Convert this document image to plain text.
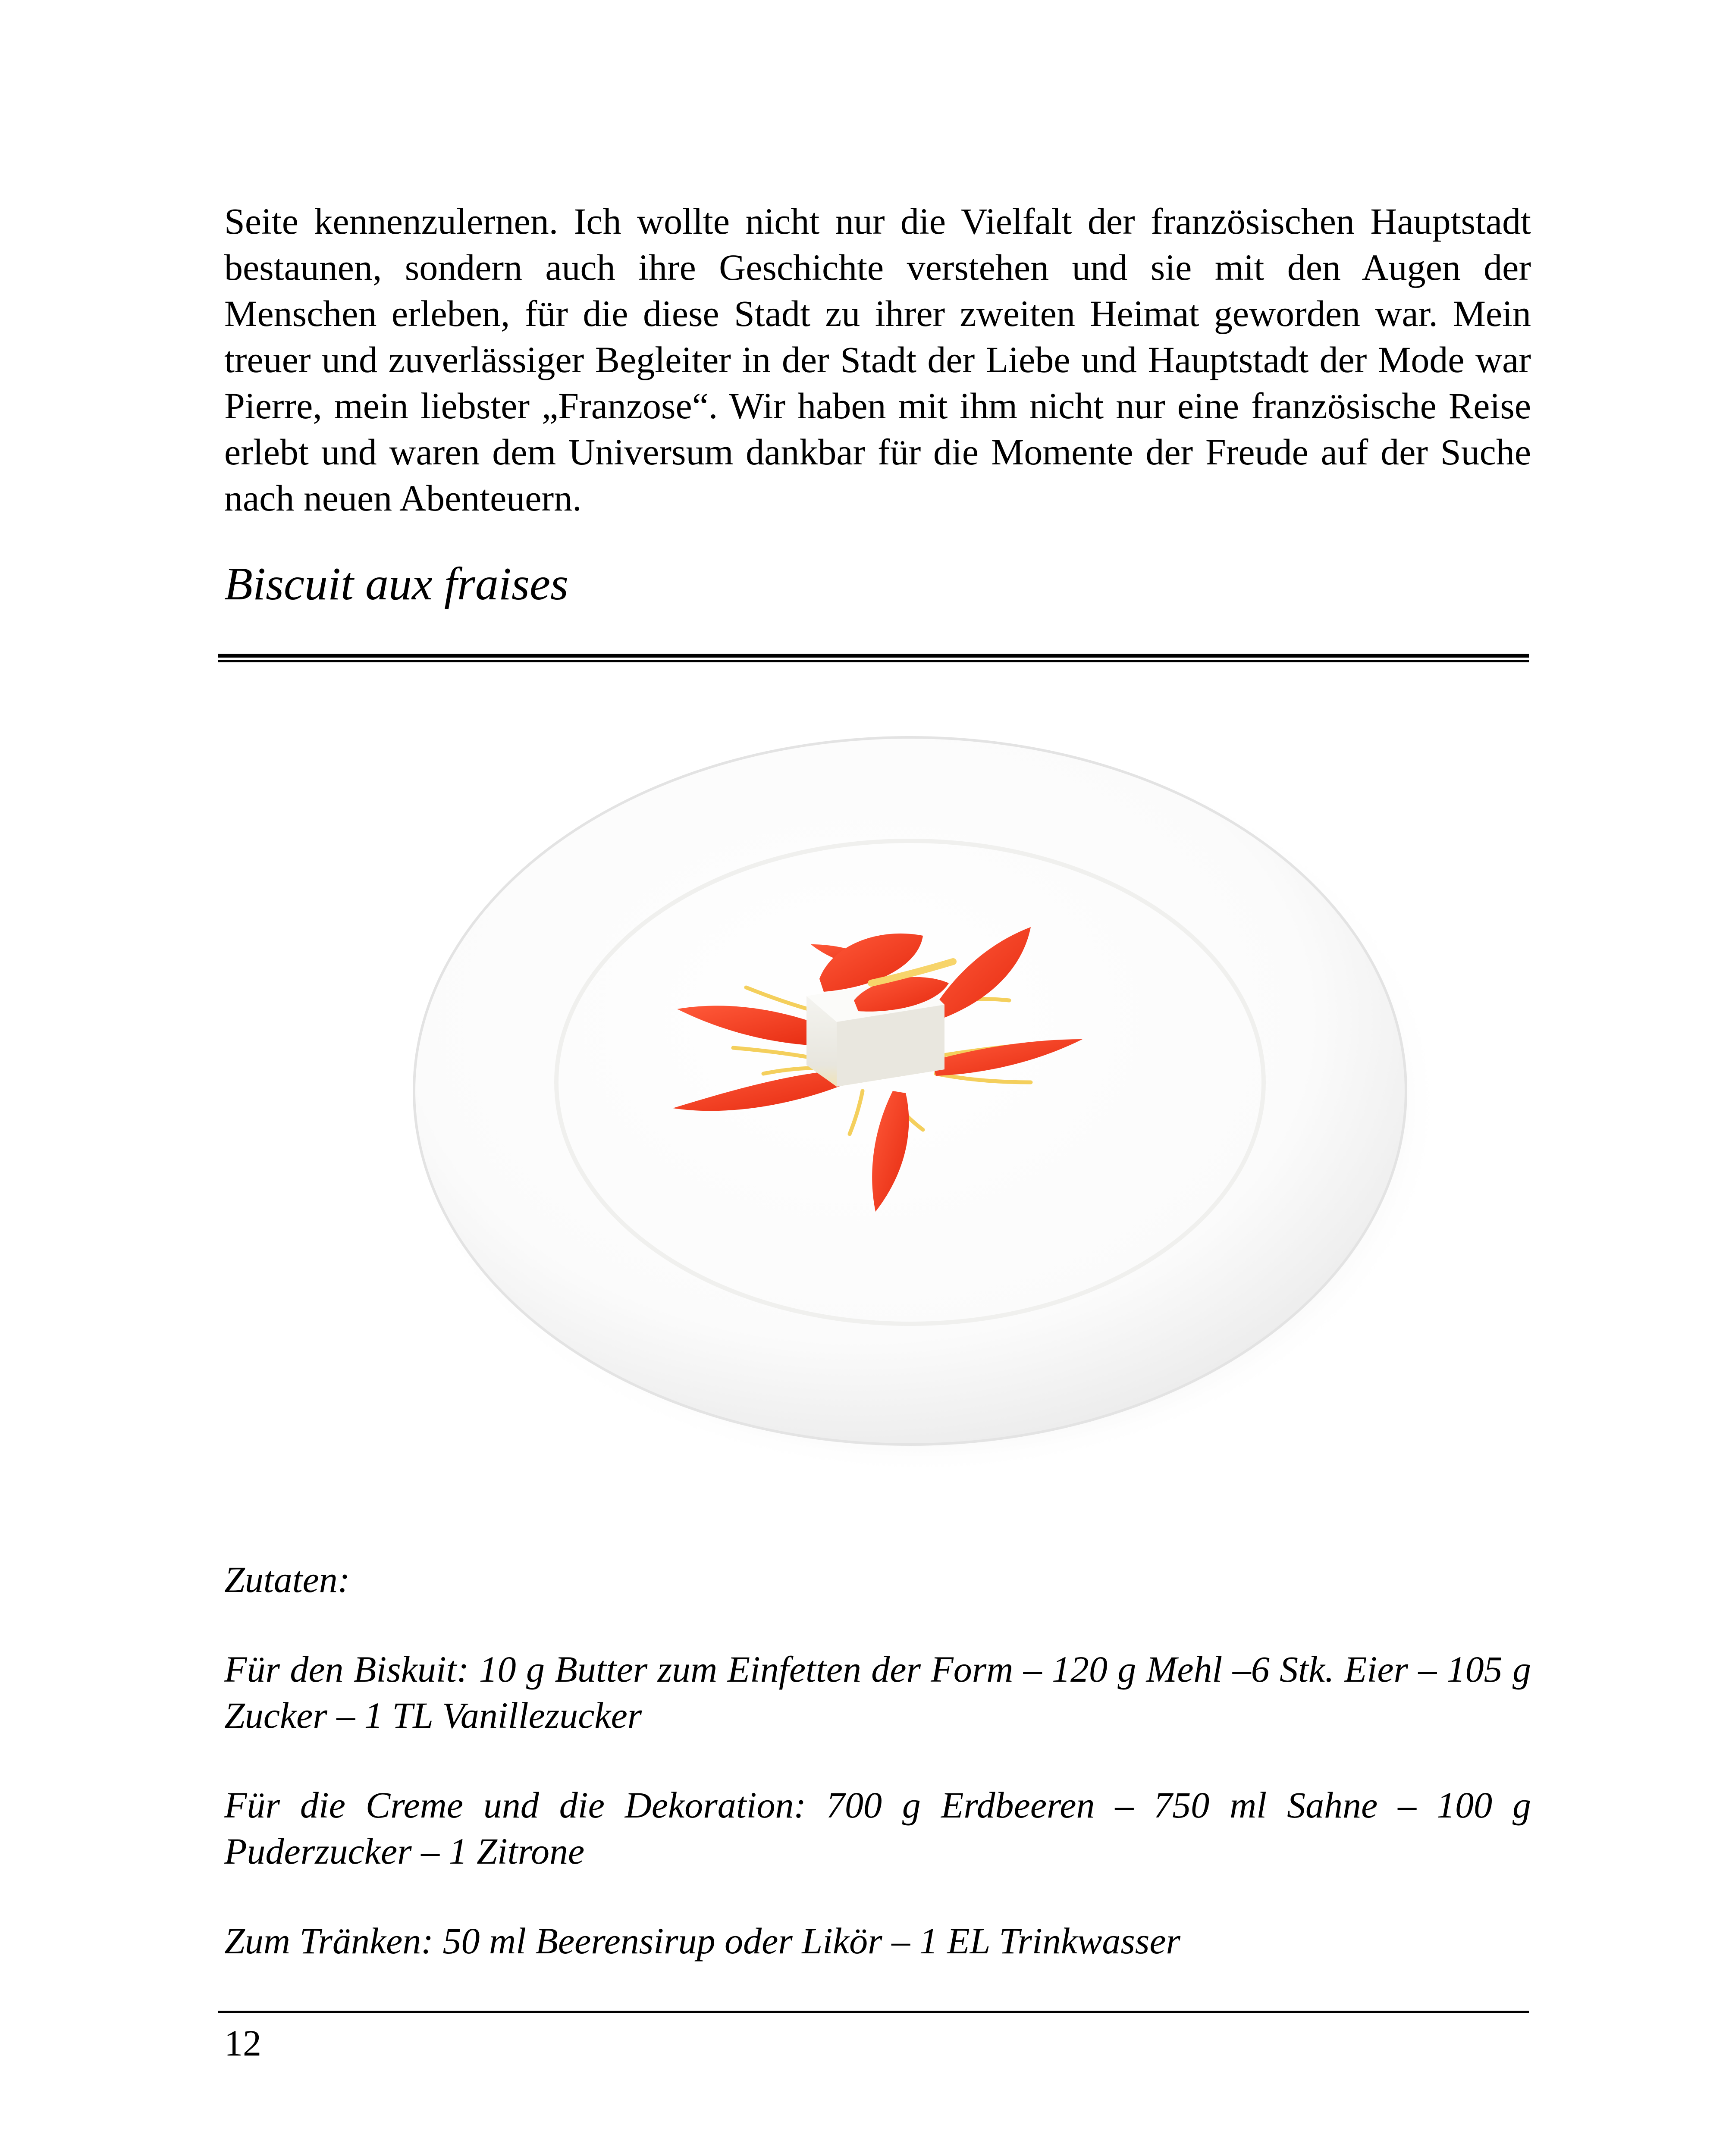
Seite kennenzulernen. Ich wollte nicht nur die Vielfalt der französischen Hauptstadt bestaunen, sondern auch ihre Geschichte verstehen und sie mit den Augen der Menschen erleben, für die diese Stadt zu ihrer zweiten Heimat geworden war. Mein treuer und zuverlässiger Begleiter in der Stadt der Liebe und Hauptstadt der Mode war Pierre, mein liebster „Franzose“. Wir haben mit ihm nicht nur eine französische Reise erlebt und waren dem Universum dankbar für die Momente der Freude auf der Suche nach neuen Abenteuern.

Biscuit aux fraises

Zutaten:

Für den Biskuit: 10 g Butter zum Einfetten der Form – 120 g Mehl –6 Stk. Eier – 105 g Zucker – 1 TL Vanillezucker

Für die Creme und die Dekoration: 700 g Erdbeeren – 750 ml Sahne – 100 g Puderzucker – 1 Zitrone

Zum Tränken: 50 ml Beerensirup oder Likör – 1 EL Trinkwasser

12
